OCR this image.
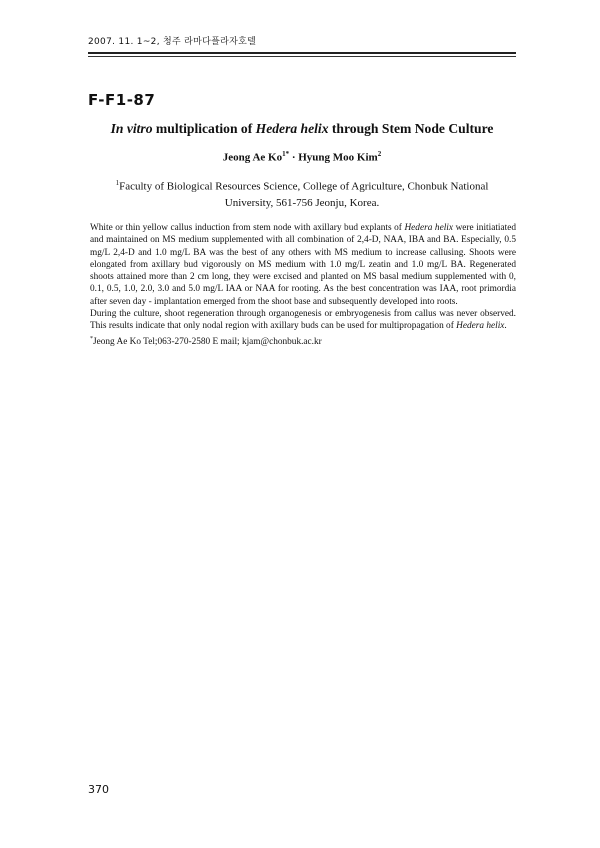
2007. 11. 1~2, 청주 라마다플라자호텔
F-F1-87
In vitro multiplication of Hedera helix through Stem Node Culture
Jeong Ae $Ko^{1*}$ · Hyung Moo Kim$^2$
$^1$Faculty of Biological Resources Science, College of Agriculture, Chonbuk National
University, 561-756 Jeonju, Korea.

White or thin yellow callus induction from stem node with axillary bud explants of Hedera helix were initiatiated and maintained on MS medium supplemented with all combination of 2,4-D, NAA, IBA and BA. Especially, 0.5 mg/L 2,4-D and 1.0 mg/L BA was the best of any others with MS medium to increase callusing. Shoots were elongated from axillary bud vigorously on MS medium with 1.0 mg/L zeatin and 1.0 mg/L BA. Regenerated shoots attained more than 2 cm long, they were excised and planted on MS basal medium supplemented with 0, 0.1, 0.5, 1.0, 2.0, 3.0 and 5.0 mg/L IAA or NAA for rooting. As the best concentration was IAA, root primordia after seven day - implantation emerged from the shoot base and subsequently developed into roots.

During the culture, shoot regeneration through organogenesis or embryogenesis from callus was never observed. This results indicate that only nodal region with axillary buds can be used for multipropagation of Hedera helix.

*Jeong Ae Ko Tel;063-270-2580 E mail; kjam@chonbuk.ac.kr

370
